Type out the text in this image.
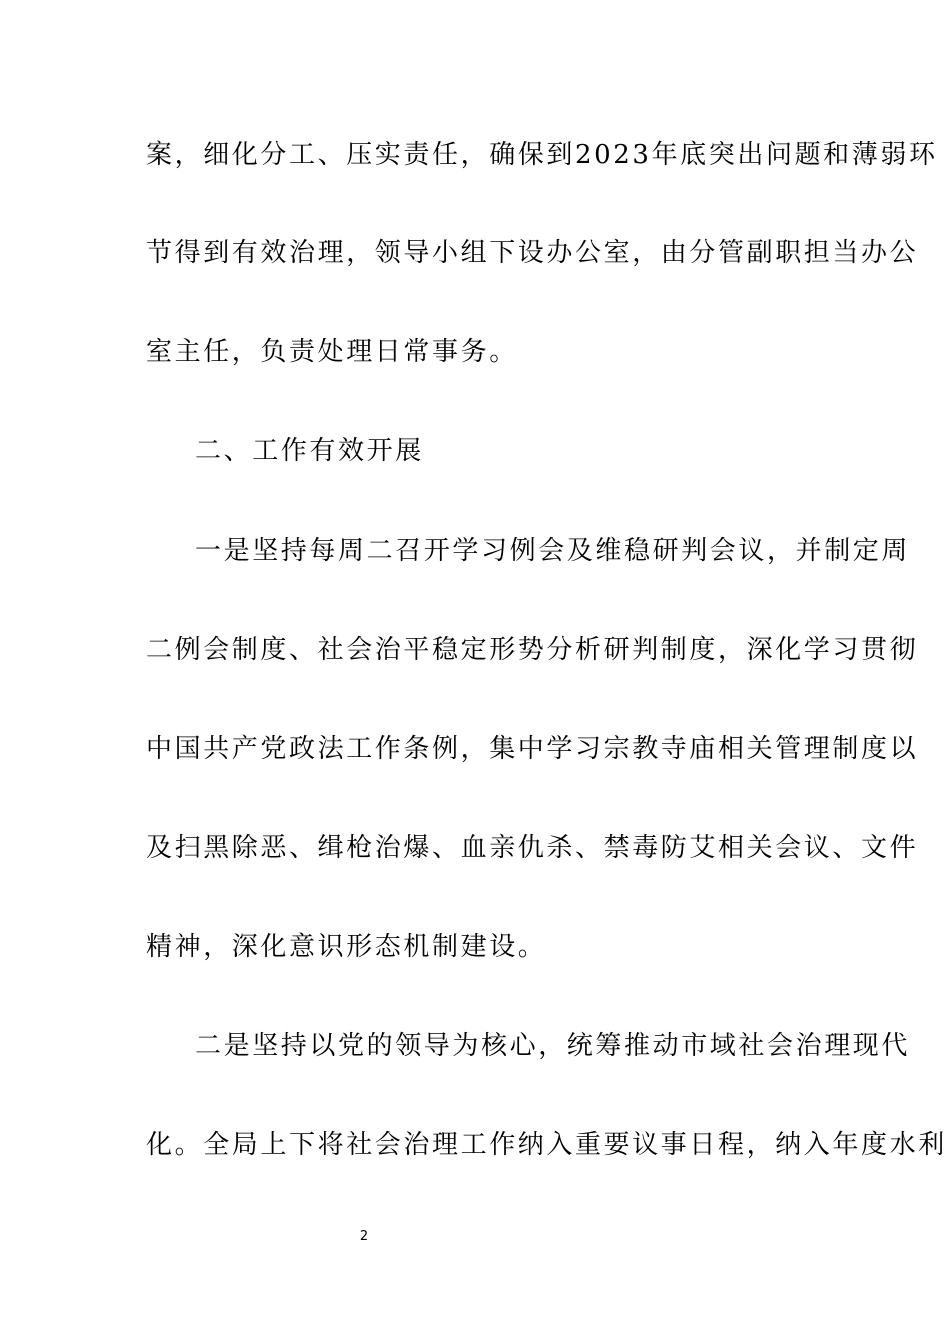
案，细化分工、压实责任，确保到2023年底突出问题和薄弱环
节得到有效治理，领导小组下设办公室，由分管副职担当办公
室主任，负责处理日常事务。
二、工作有效开展
一是坚持每周二召开学习例会及维稳研判会议，并制定周
二例会制度、社会治平稳定形势分析研判制度，深化学习贯彻
中国共产党政法工作条例，集中学习宗教寺庙相关管理制度以
及扫黑除恶、缉枪治爆、血亲仇杀、禁毒防艾相关会议、文件
精神，深化意识形态机制建设。
二是坚持以党的领导为核心，统筹推动市域社会治理现代
化。全局上下将社会治理工作纳入重要议事日程，纳入年度水利
2
